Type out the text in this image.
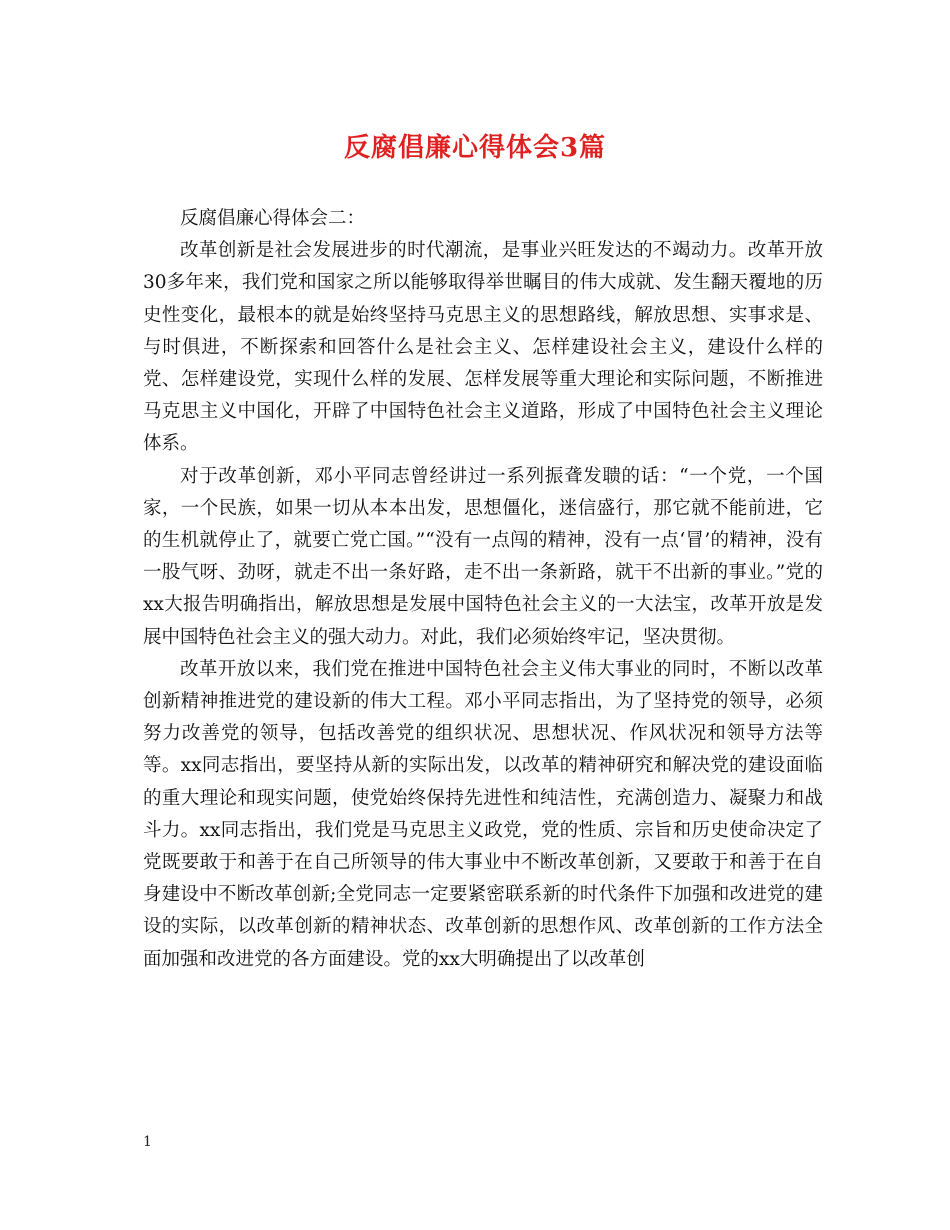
反腐倡廉心得体会3篇

反腐倡廉心得体会二：

改革创新是社会发展进步的时代潮流，是事业兴旺发达的不竭动力。改革开放30多年来，我们党和国家之所以能够取得举世瞩目的伟大成就、发生翻天覆地的历史性变化，最根本的就是始终坚持马克思主义的思想路线，解放思想、实事求是、与时俱进，不断探索和回答什么是社会主义、怎样建设社会主义，建设什么样的党、怎样建设党，实现什么样的发展、怎样发展等重大理论和实际问题，不断推进马克思主义中国化，开辟了中国特色社会主义道路，形成了中国特色社会主义理论体系。

对于改革创新，邓小平同志曾经讲过一系列振聋发聩的话：“一个党，一个国家，一个民族，如果一切从本本出发，思想僵化，迷信盛行，那它就不能前进，它的生机就停止了，就要亡党亡国。”“没有一点闯的精神，没有一点‘冒’的精神，没有一股气呀、劲呀，就走不出一条好路，走不出一条新路，就干不出新的事业。”党的xx大报告明确指出，解放思想是发展中国特色社会主义的一大法宝，改革开放是发展中国特色社会主义的强大动力。对此，我们必须始终牢记，坚决贯彻。

改革开放以来，我们党在推进中国特色社会主义伟大事业的同时，不断以改革创新精神推进党的建设新的伟大工程。邓小平同志指出，为了坚持党的领导，必须努力改善党的领导，包括改善党的组织状况、思想状况、作风状况和领导方法等等。xx同志指出，要坚持从新的实际出发，以改革的精神研究和解决党的建设面临的重大理论和现实问题，使党始终保持先进性和纯洁性，充满创造力、凝聚力和战斗力。xx同志指出，我们党是马克思主义政党，党的性质、宗旨和历史使命决定了党既要敢于和善于在自己所领导的伟大事业中不断改革创新，又要敢于和善于在自身建设中不断改革创新;全党同志一定要紧密联系新的时代条件下加强和改进党的建设的实际，以改革创新的精神状态、改革创新的思想作风、改革创新的工作方法全面加强和改进党的各方面建设。党的xx大明确提出了以改革创

1
